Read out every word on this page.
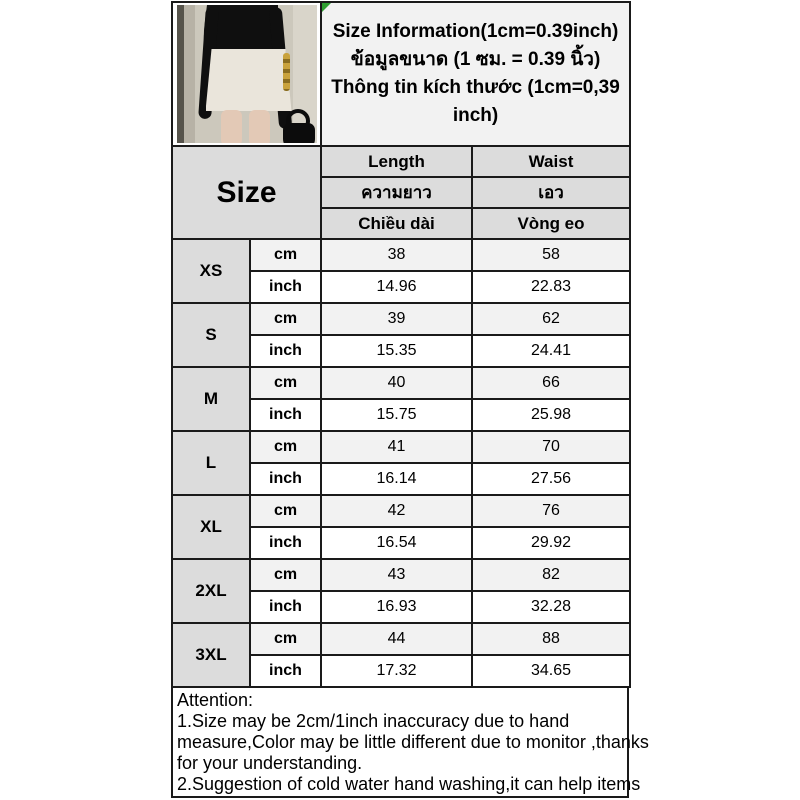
		Size Information(1cm=0.39inch)
ข้อมูลขนาด (1 ซม. = 0.39 นิ้ว)
Thông tin kích thước (1cm=0,39
inch)	

Size		Length	Waist
		ความยาว	เอว
		Chiều dài	Vòng eo
XS	cm	38	58
	inch	14.96	22.83
S	cm	39	62
	inch	15.35	24.41
M	cm	40	66
	inch	15.75	25.98
L	cm	41	70
	inch	16.14	27.56
XL	cm	42	76
	inch	16.54	29.92
2XL	cm	43	82
	inch	16.93	32.28
3XL	cm	44	88
	inch	17.32	34.65
Attention:
1.Size may be 2cm/1inch inaccuracy due to hand
measure,Color may be little different due to monitor ,thanks
for your understanding.
2.Suggestion of cold water hand washing,it can help items
